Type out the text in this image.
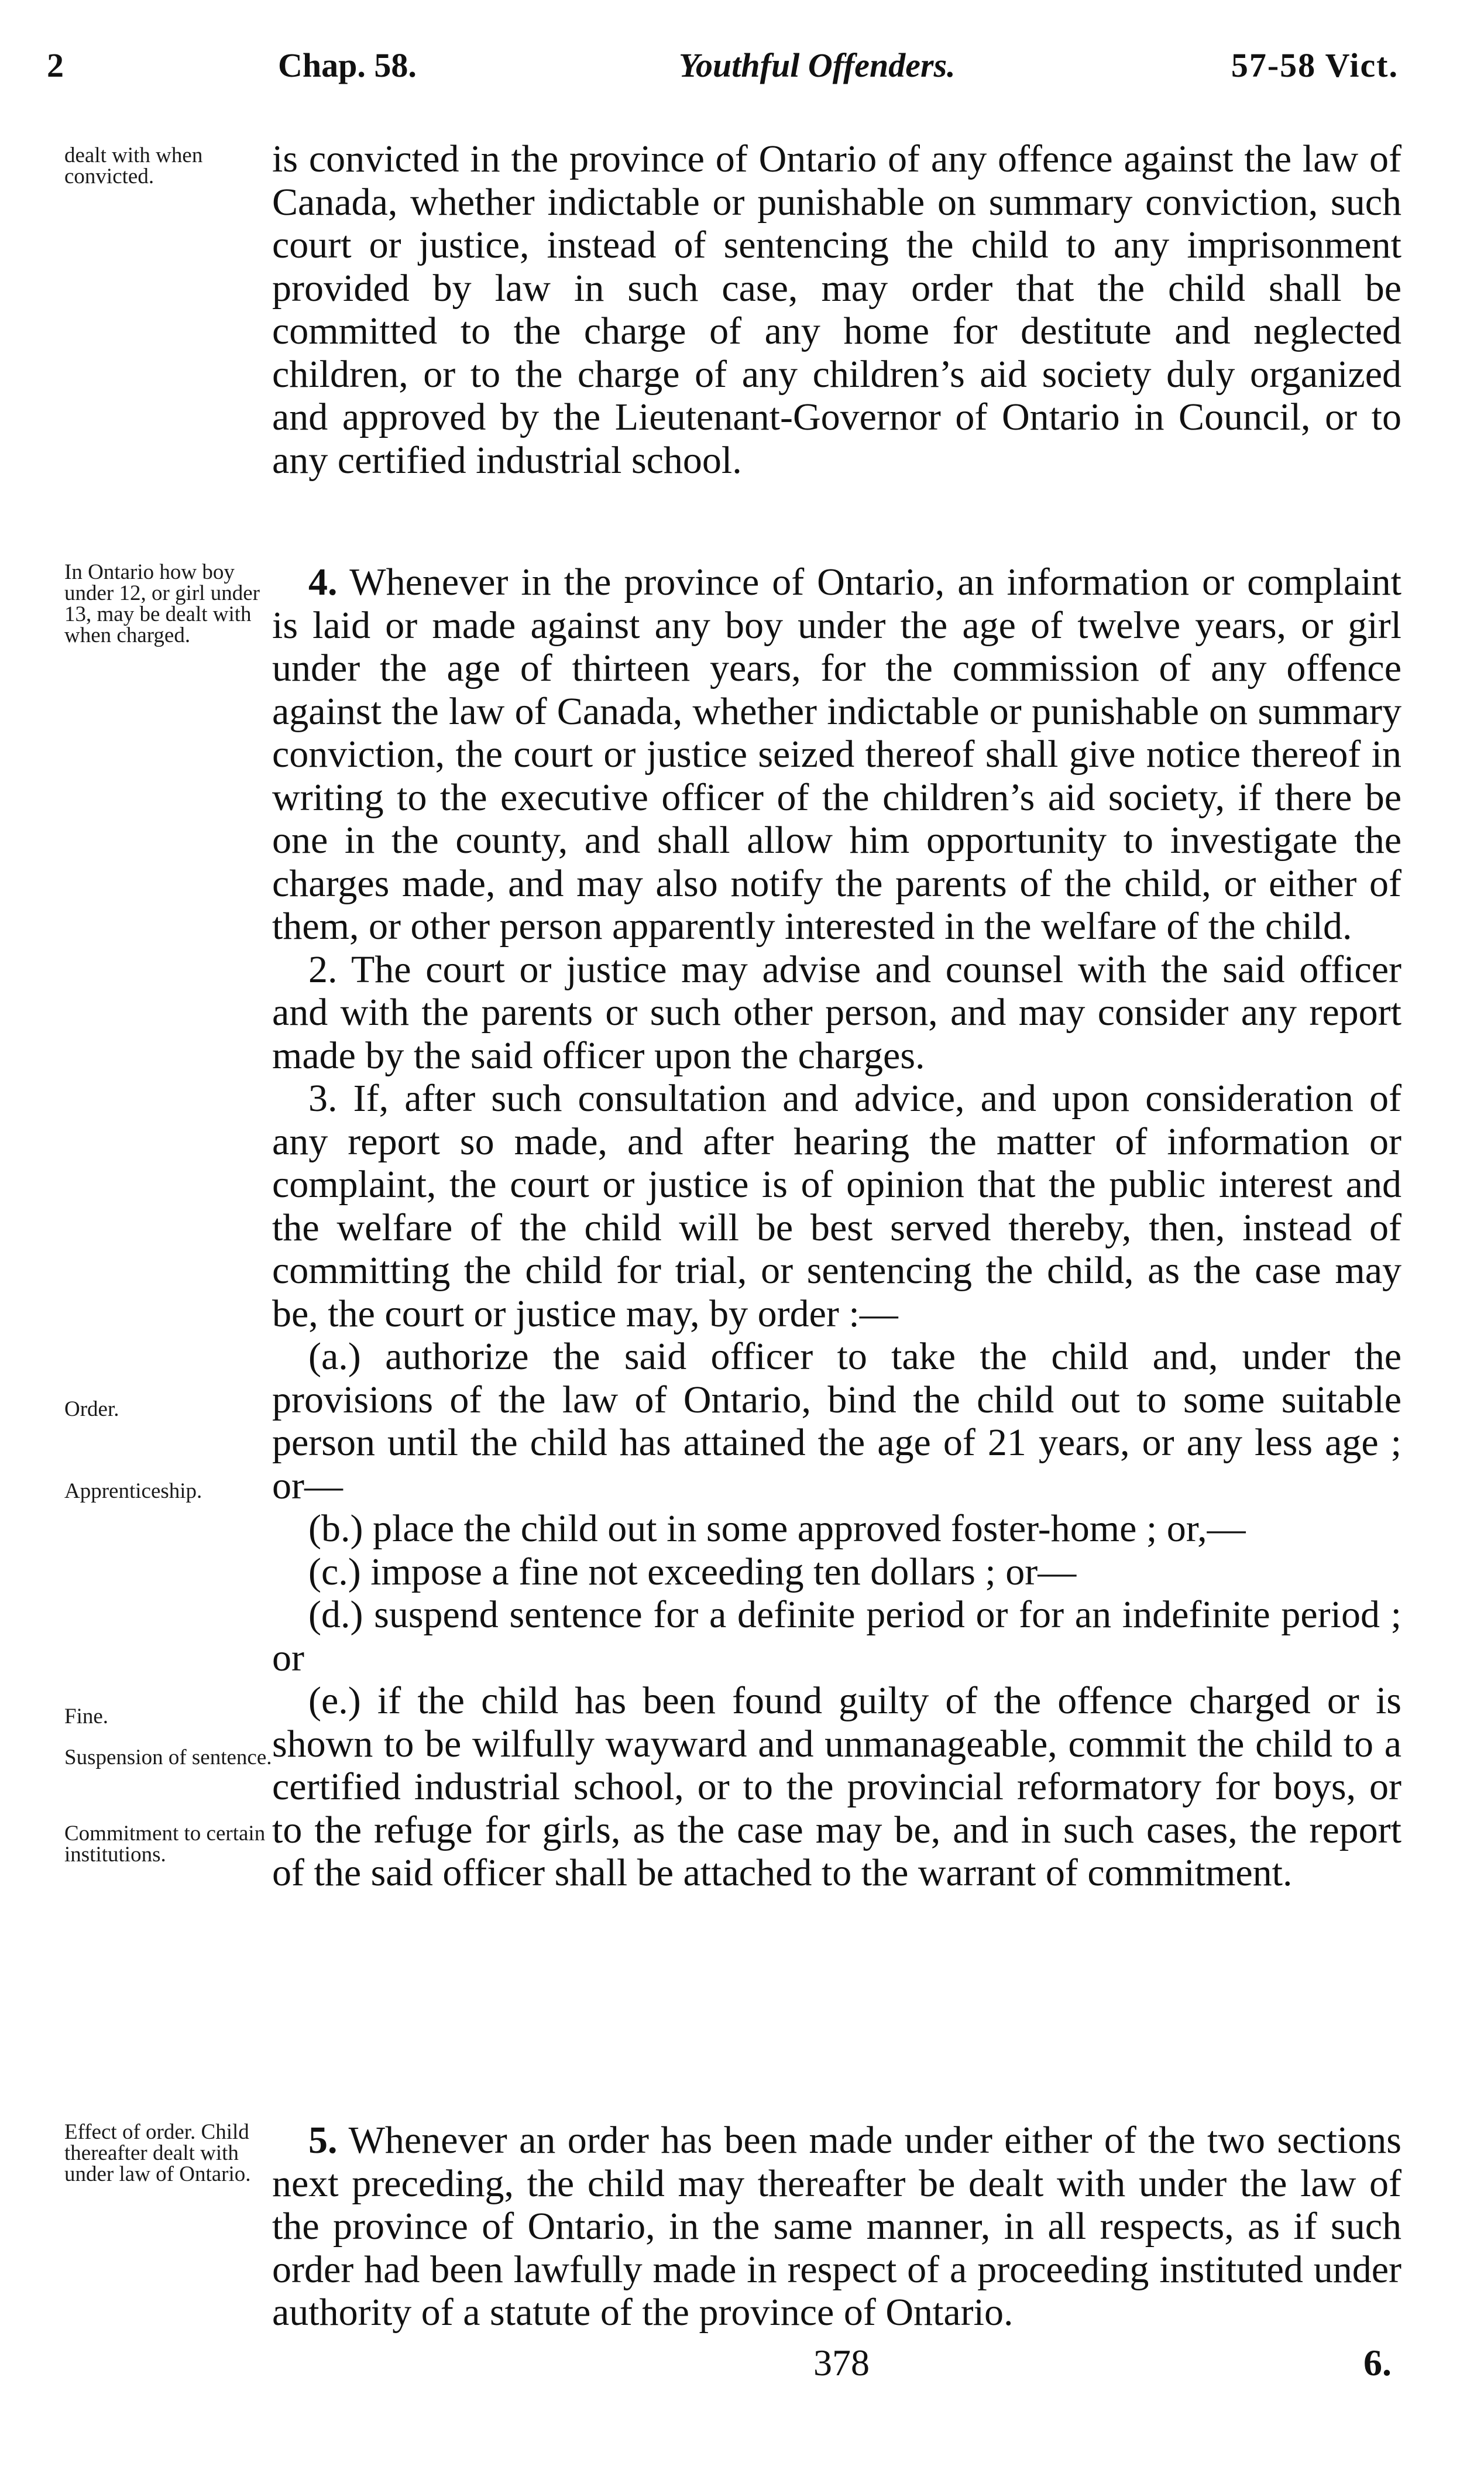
2	Chap. 58.	Youthful Offenders.	57-58 Vict.
dealt with when convicted.
In Ontario how boy under 12, or girl under 13, may be dealt with when charged.
Order.
Apprenticeship.
Fine.
Suspension of sentence.
Commitment to certain institutions.
Effect of order. Child thereafter dealt with under law of Ontario.

is convicted in the province of Ontario of any offence against the law of Canada, whether indictable or punishable on summary conviction, such court or justice, instead of sentencing the child to any imprisonment provided by law in such case, may order that the child shall be committed to the charge of any home for destitute and neglected children, or to the charge of any children’s aid society duly organized and approved by the Lieutenant-Governor of Ontario in Council, or to any certified industrial school.

4. Whenever in the province of Ontario, an information or complaint is laid or made against any boy under the age of twelve years, or girl under the age of thirteen years, for the commission of any offence against the law of Canada, whether indictable or punishable on summary conviction, the court or justice seized thereof shall give notice thereof in writing to the executive officer of the children’s aid society, if there be one in the county, and shall allow him opportunity to investigate the charges made, and may also notify the parents of the child, or either of them, or other person apparently interested in the welfare of the child.

2. The court or justice may advise and counsel with the said officer and with the parents or such other person, and may consider any report made by the said officer upon the charges.

3. If, after such consultation and advice, and upon consideration of any report so made, and after hearing the matter of information or complaint, the court or justice is of opinion that the public interest and the welfare of the child will be best served thereby, then, instead of committing the child for trial, or sentencing the child, as the case may be, the court or justice may, by order :—

(a.) authorize the said officer to take the child and, under the provisions of the law of Ontario, bind the child out to some suitable person until the child has attained the age of 21 years, or any less age ; or—

(b.) place the child out in some approved foster-home ; or,—

(c.) impose a fine not exceeding ten dollars ; or—

(d.) suspend sentence for a definite period or for an indefinite period ; or

(e.) if the child has been found guilty of the offence charged or is shown to be wilfully wayward and unmanageable, commit the child to a certified industrial school, or to the provincial reformatory for boys, or to the refuge for girls, as the case may be, and in such cases, the report of the said officer shall be attached to the warrant of commitment.

5. Whenever an order has been made under either of the two sections next preceding, the child may thereafter be dealt with under the law of the province of Ontario, in the same manner, in all respects, as if such order had been lawfully made in respect of a proceeding instituted under authority of a statute of the province of Ontario.

378	6.
